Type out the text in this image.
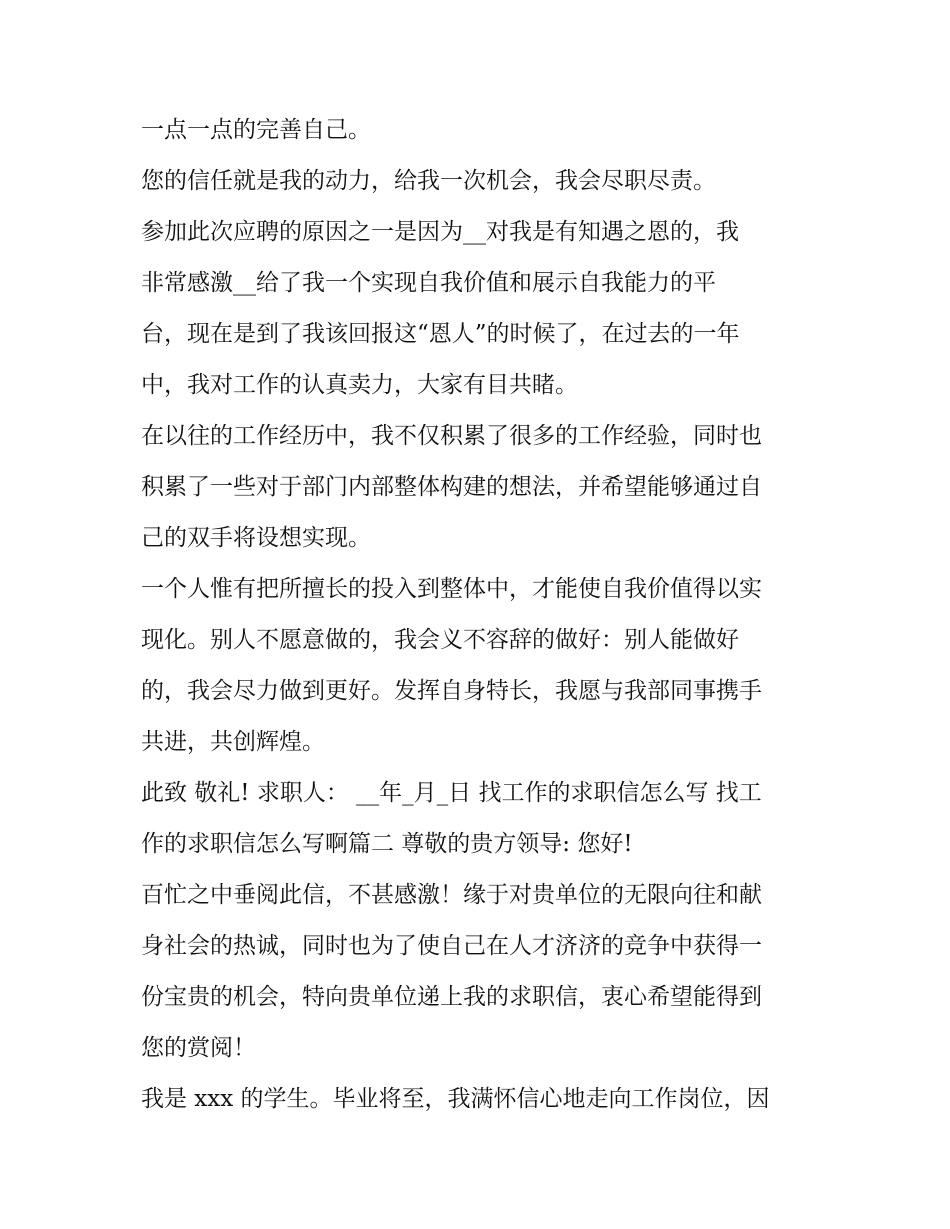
一点一点的完善自己。
您的信任就是我的动力，给我一次机会，我会尽职尽责。
参加此次应聘的原因之一是因为__对我是有知遇之恩的，我
非常感激__给了我一个实现自我价值和展示自我能力的平
台，现在是到了我该回报这“恩人”的时候了，在过去的一年
中，我对工作的认真卖力，大家有目共睹。
在以往的工作经历中，我不仅积累了很多的工作经验，同时也
积累了一些对于部门内部整体构建的想法，并希望能够通过自
己的双手将设想实现。
一个人惟有把所擅长的投入到整体中，才能使自我价值得以实
现化。别人不愿意做的，我会义不容辞的做好：别人能做好
的，我会尽力做到更好。发挥自身特长，我愿与我部同事携手
共进，共创辉煌。
此致 敬礼! 求职人： __年_月_日 找工作的求职信怎么写 找工
作的求职信怎么写啊篇二 尊敬的贵方领导: 您好!
百忙之中垂阅此信，不甚感激！缘于对贵单位的无限向往和献
身社会的热诚，同时也为了使自己在人才济济的竞争中获得一
份宝贵的机会，特向贵单位递上我的求职信，衷心希望能得到
您的赏阅！
我是 xxx 的学生。毕业将至，我满怀信心地走向工作岗位，因
